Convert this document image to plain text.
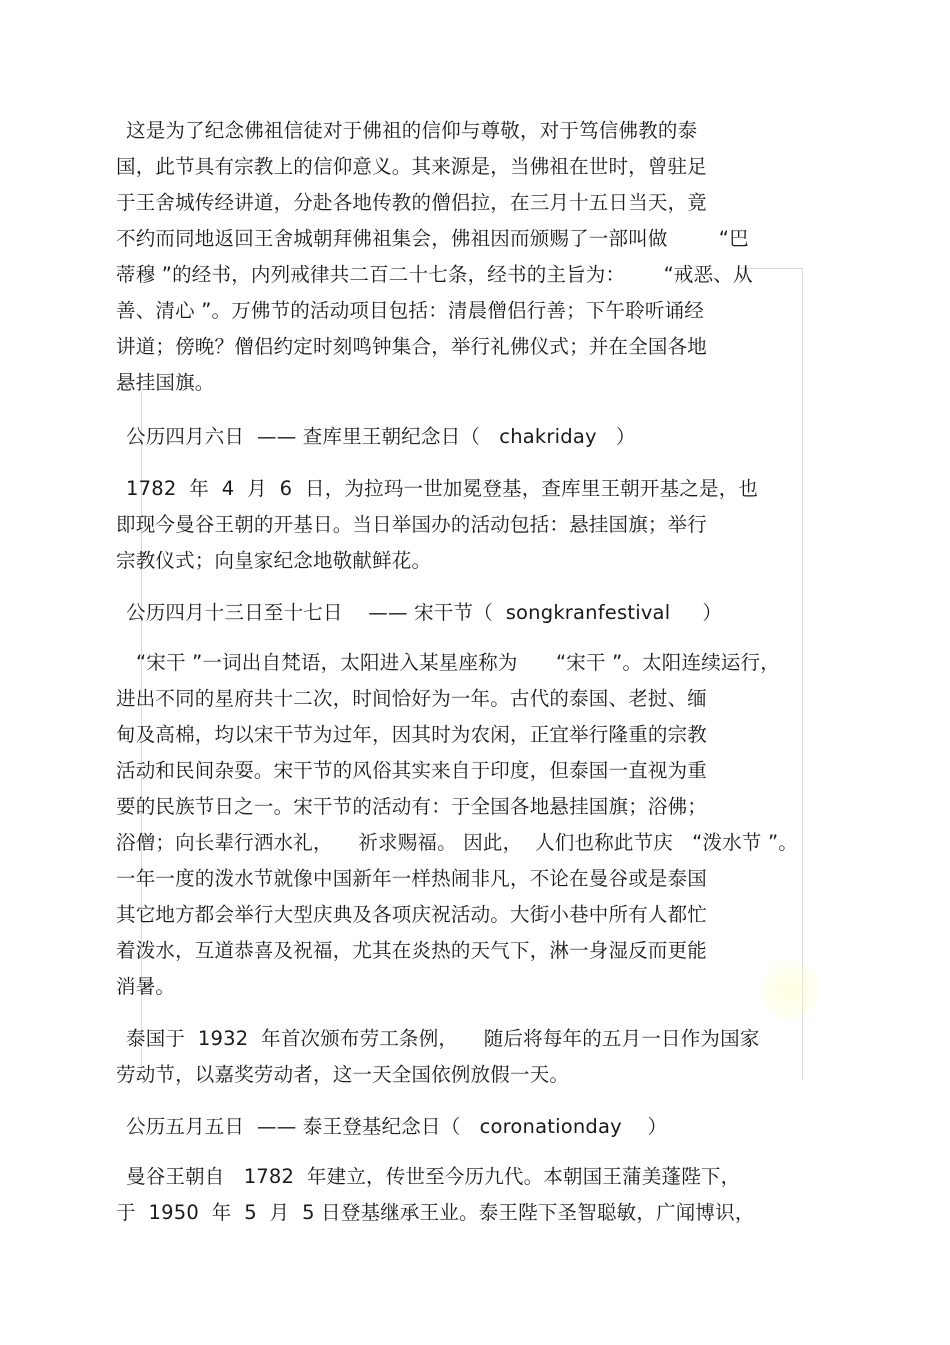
这是为了纪念佛祖信徒对于佛祖的信仰与尊敬，对于笃信佛教的泰
国，此节具有宗教上的信仰意义。其来源是，当佛祖在世时，曾驻足
于王舍城传经讲道，分赴各地传教的僧侣拉，在三月十五日当天，竟
不约而同地返回王舍城朝拜佛祖集会，佛祖因而颁赐了一部叫做        “巴
蒂穆 ”的经书，内列戒律共二百二十七条，经书的主旨为：      “戒恶、从
善、清心 ”。万佛节的活动项目包括：清晨僧侣行善；下午聆听诵经
讲道；傍晚？僧侣约定时刻鸣钟集合，举行礼佛仪式；并在全国各地
悬挂国旗。
公历四月六日  —— 查库里王朝纪念日（   chakriday   ）
1782  年  4  月  6  日，为拉玛一世加冕登基，查库里王朝开基之是，也
即现今曼谷王朝的开基日。当日举国办的活动包括：悬挂国旗；举行
宗教仪式；向皇家纪念地敬献鲜花。
公历四月十三日至十七日    —— 宋干节（  songkranfestival     ）
“宋干 ”一词出自梵语，太阳进入某星座称为      “宋干 ”。太阳连续运行，
进出不同的星府共十二次，时间恰好为一年。古代的泰国、老挝、缅
甸及高棉，均以宋干节为过年，因其时为农闲，正宜举行隆重的宗教
活动和民间杂耍。宋干节的风俗其实来自于印度，但泰国一直视为重
要的民族节日之一。宋干节的活动有：于全国各地悬挂国旗；浴佛；
浴僧；向长辈行洒水礼，    祈求赐福。 因此，  人们也称此节庆   “泼水节 ”。
一年一度的泼水节就像中国新年一样热闹非凡，不论在曼谷或是泰国
其它地方都会举行大型庆典及各项庆祝活动。大街小巷中所有人都忙
着泼水，互道恭喜及祝福，尤其在炎热的天气下，淋一身湿反而更能
消暑。
泰国于  1932  年首次颁布劳工条例，    随后将每年的五月一日作为国家
劳动节，以嘉奖劳动者，这一天全国依例放假一天。
公历五月五日  —— 泰王登基纪念日（   coronationday    ）
曼谷王朝自   1782  年建立，传世至今历九代。本朝国王蒲美蓬陛下，
于  1950  年  5  月  5 日登基继承王业。泰王陛下圣智聪敏，广闻博识，
